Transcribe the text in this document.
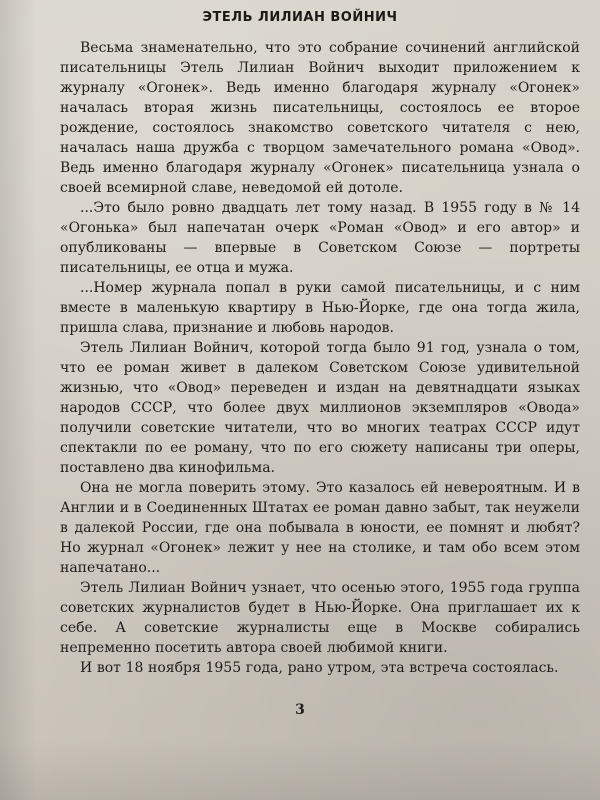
ЭТЕЛЬ ЛИЛИАН ВОЙНИЧ

Весьма знаменательно, что это собрание сочинений английской писательницы Этель Лилиан Войнич выходит приложением к журналу «Огонек». Ведь именно благодаря журналу «Огонек» началась вторая жизнь писательницы, состоялось ее второе рождение, состоялось знакомство советского читателя с нею, началась наша дружба с творцом замечательного романа «Овод». Ведь именно благодаря журналу «Огонек» писательница узнала о своей всемирной славе, неведомой ей дотоле.

...Это было ровно двадцать лет тому назад. В 1955 году в № 14 «Огонька» был напечатан очерк «Роман «Овод» и его автор» и опубликованы — впервые в Советском Союзе — портреты писательницы, ее отца и мужа.

...Номер журнала попал в руки самой писательницы, и с ним вместе в маленькую квартиру в Нью-Йорке, где она тогда жила, пришла слава, признание и любовь народов.

Этель Лилиан Войнич, которой тогда было 91 год, узнала о том, что ее роман живет в далеком Советском Союзе удивительной жизнью, что «Овод» переведен и издан на девятнадцати языках народов СССР, что более двух миллионов экземпляров «Овода» получили советские читатели, что во многих театрах СССР идут спектакли по ее роману, что по его сюжету написаны три оперы, поставлено два кинофильма.

Она не могла поверить этому. Это казалось ей невероятным. И в Англии и в Соединенных Штатах ее роман давно забыт, так неужели в далекой России, где она побывала в юности, ее помнят и любят? Но журнал «Огонек» лежит у нее на столике, и там обо всем этом напечатано...

Этель Лилиан Войнич узнает, что осенью этого, 1955 года группа советских журналистов будет в Нью-Йорке. Она приглашает их к себе. А советские журналисты еще в Москве собирались непременно посетить автора своей любимой книги.

И вот 18 ноября 1955 года, рано утром, эта встреча состоялась.

3
